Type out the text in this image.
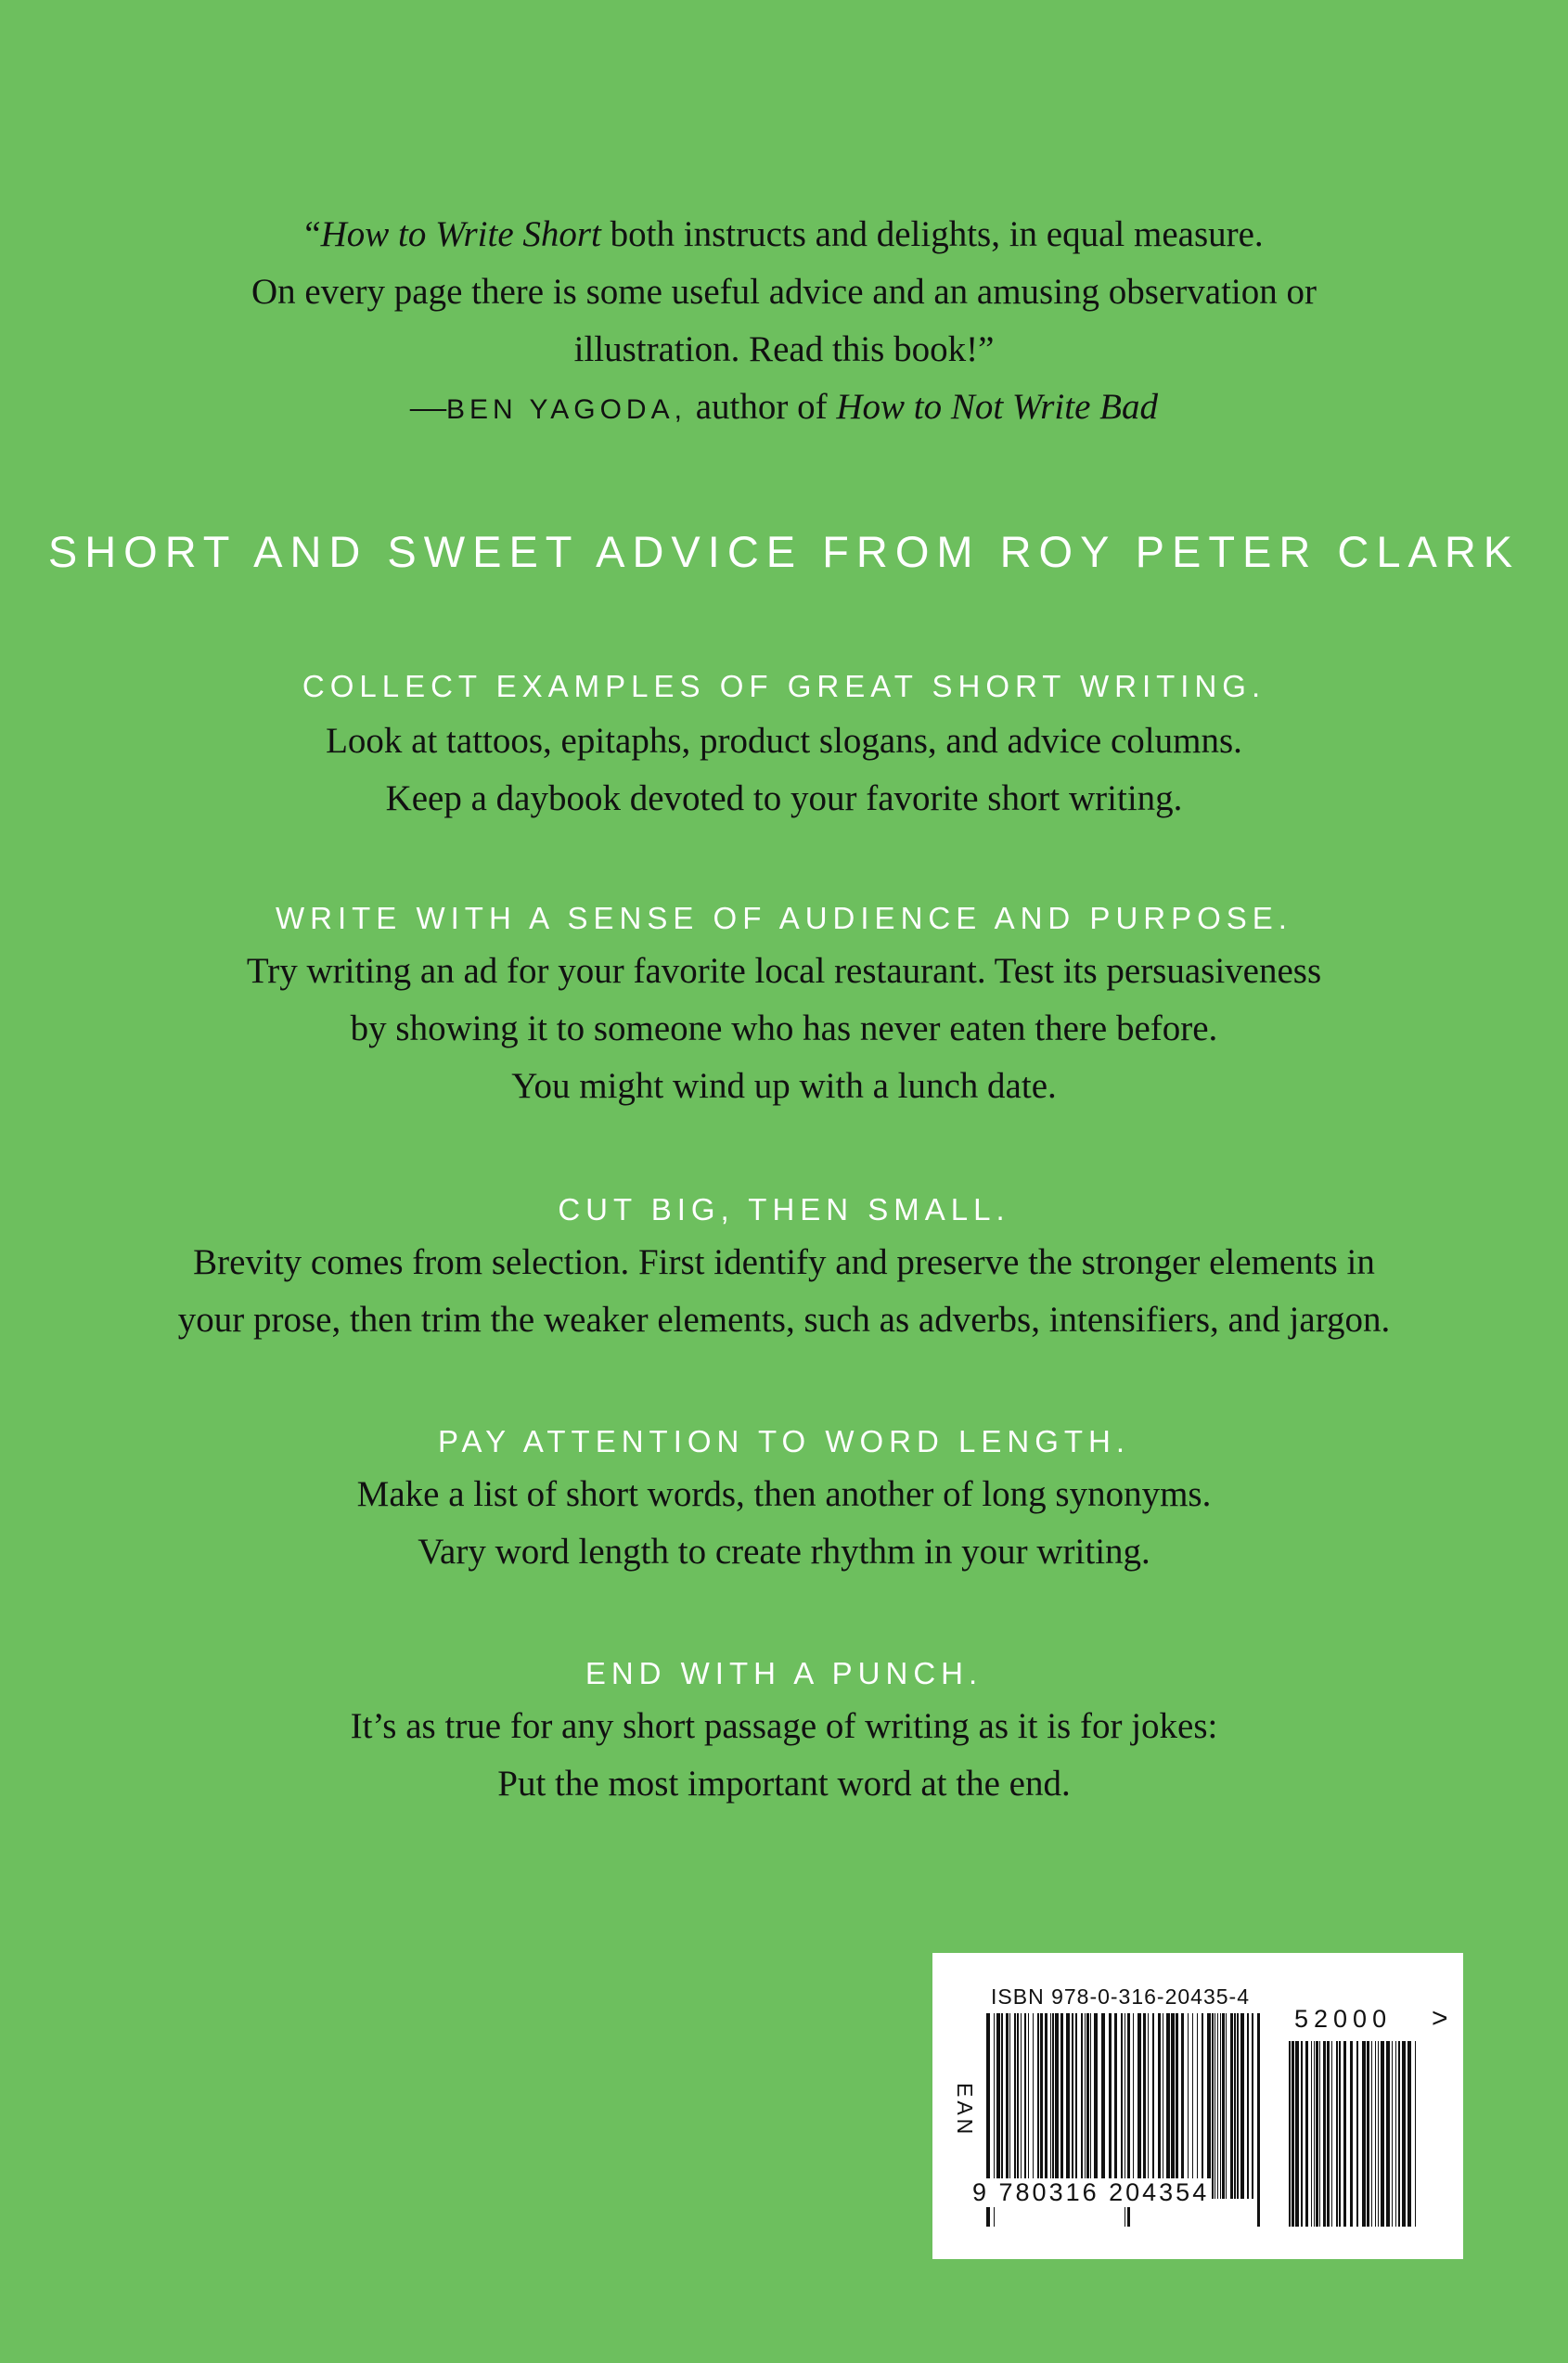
“How to Write Short both instructs and delights, in equal measure.
On every page there is some useful advice and an amusing observation or
illustration. Read this book!”
—BEN YAGODA, author of How to Not Write Bad
SHORT AND SWEET ADVICE FROM ROY PETER CLARK
COLLECT EXAMPLES OF GREAT SHORT WRITING.
Look at tattoos, epitaphs, product slogans, and advice columns.
Keep a daybook devoted to your favorite short writing.
WRITE WITH A SENSE OF AUDIENCE AND PURPOSE.
Try writing an ad for your favorite local restaurant. Test its persuasiveness
by showing it to someone who has never eaten there before.
You might wind up with a lunch date.
CUT BIG, THEN SMALL.
Brevity comes from selection. First identify and preserve the stronger elements in
your prose, then trim the weaker elements, such as adverbs, intensifiers, and jargon.
PAY ATTENTION TO WORD LENGTH.
Make a list of short words, then another of long synonyms.
Vary word length to create rhythm in your writing.
END WITH A PUNCH.
It’s as true for any short passage of writing as it is for jokes:
Put the most important word at the end.
ISBN 978-0-316-20435-4
EAN
9 780316 204354
52000 >
